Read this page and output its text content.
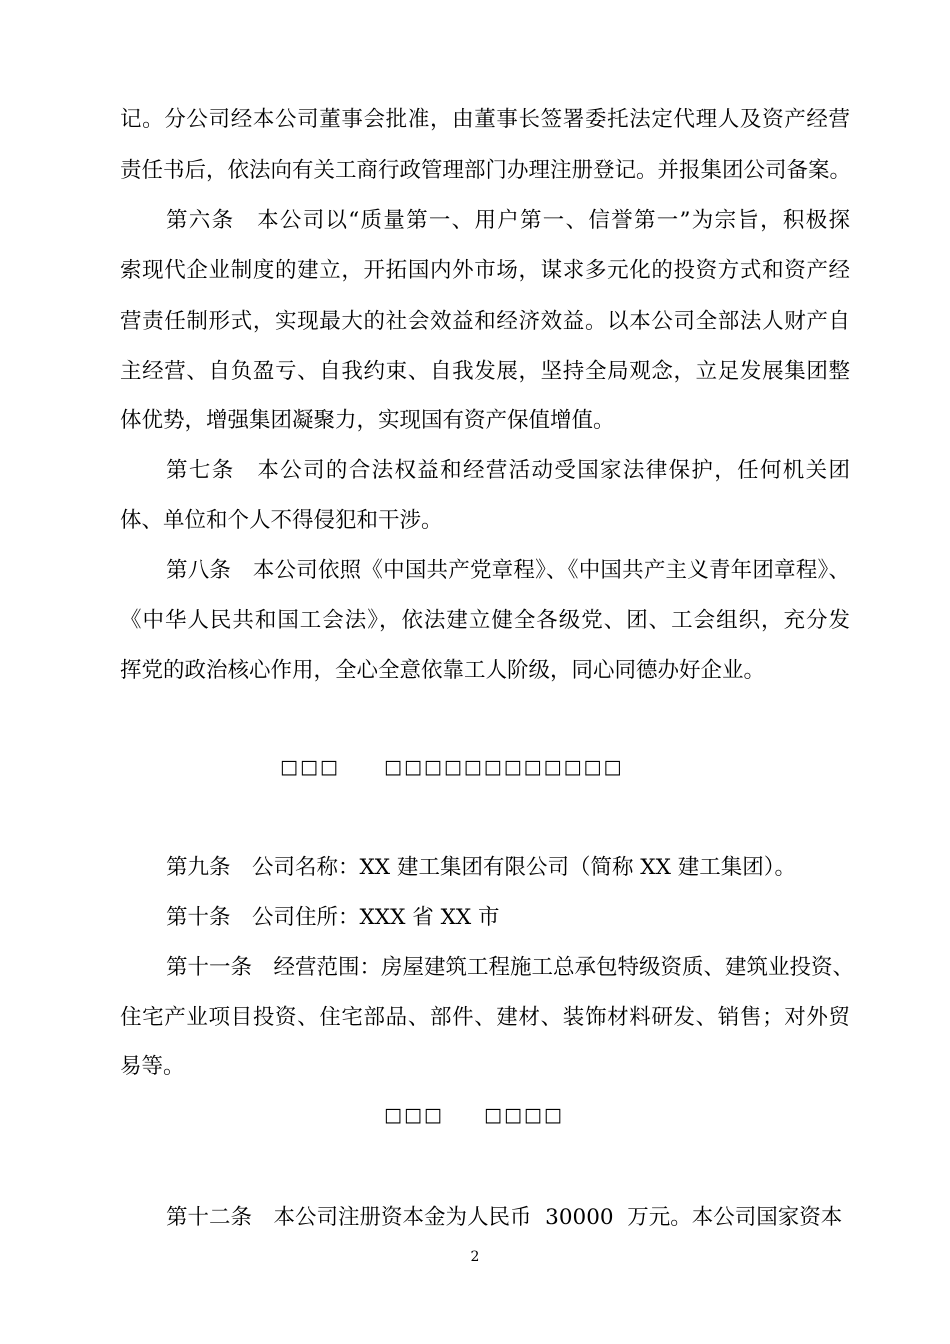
记。分公司经本公司董事会批准，由董事长签署委托法定代理人及资产经营
责任书后，依法向有关工商行政管理部门办理注册登记。并报集团公司备案。
第六条　本公司以“质量第一、用户第一、信誉第一”为宗旨，积极探
索现代企业制度的建立，开拓国内外市场，谋求多元化的投资方式和资产经
营责任制形式，实现最大的社会效益和经济效益。以本公司全部法人财产自
主经营、自负盈亏、自我约束、自我发展，坚持全局观念，立足发展集团整
体优势，增强集团凝聚力，实现国有资产保值增值。
第七条　本公司的合法权益和经营活动受国家法律保护，任何机关团
体、单位和个人不得侵犯和干涉。
第八条　本公司依照《中国共产党章程》、《中国共产主义青年团章程》、
《中华人民共和国工会法》，依法建立健全各级党、团、工会组织，充分发
挥党的政治核心作用，全心全意依靠工人阶级，同心同德办好企业。
□□□ □□□□□□□□□□□□
第九条　公司名称：XX 建工集团有限公司（简称 XX 建工集团）。
第十条　公司住所：XXX 省 XX 市
第十一条　经营范围：房屋建筑工程施工总承包特级资质、建筑业投资、
住宅产业项目投资、住宅部品、部件、建材、装饰材料研发、销售；对外贸
易等。
□□□ □□□□
第十二条　本公司注册资本金为人民币  30000  万元。本公司国家资本
2
